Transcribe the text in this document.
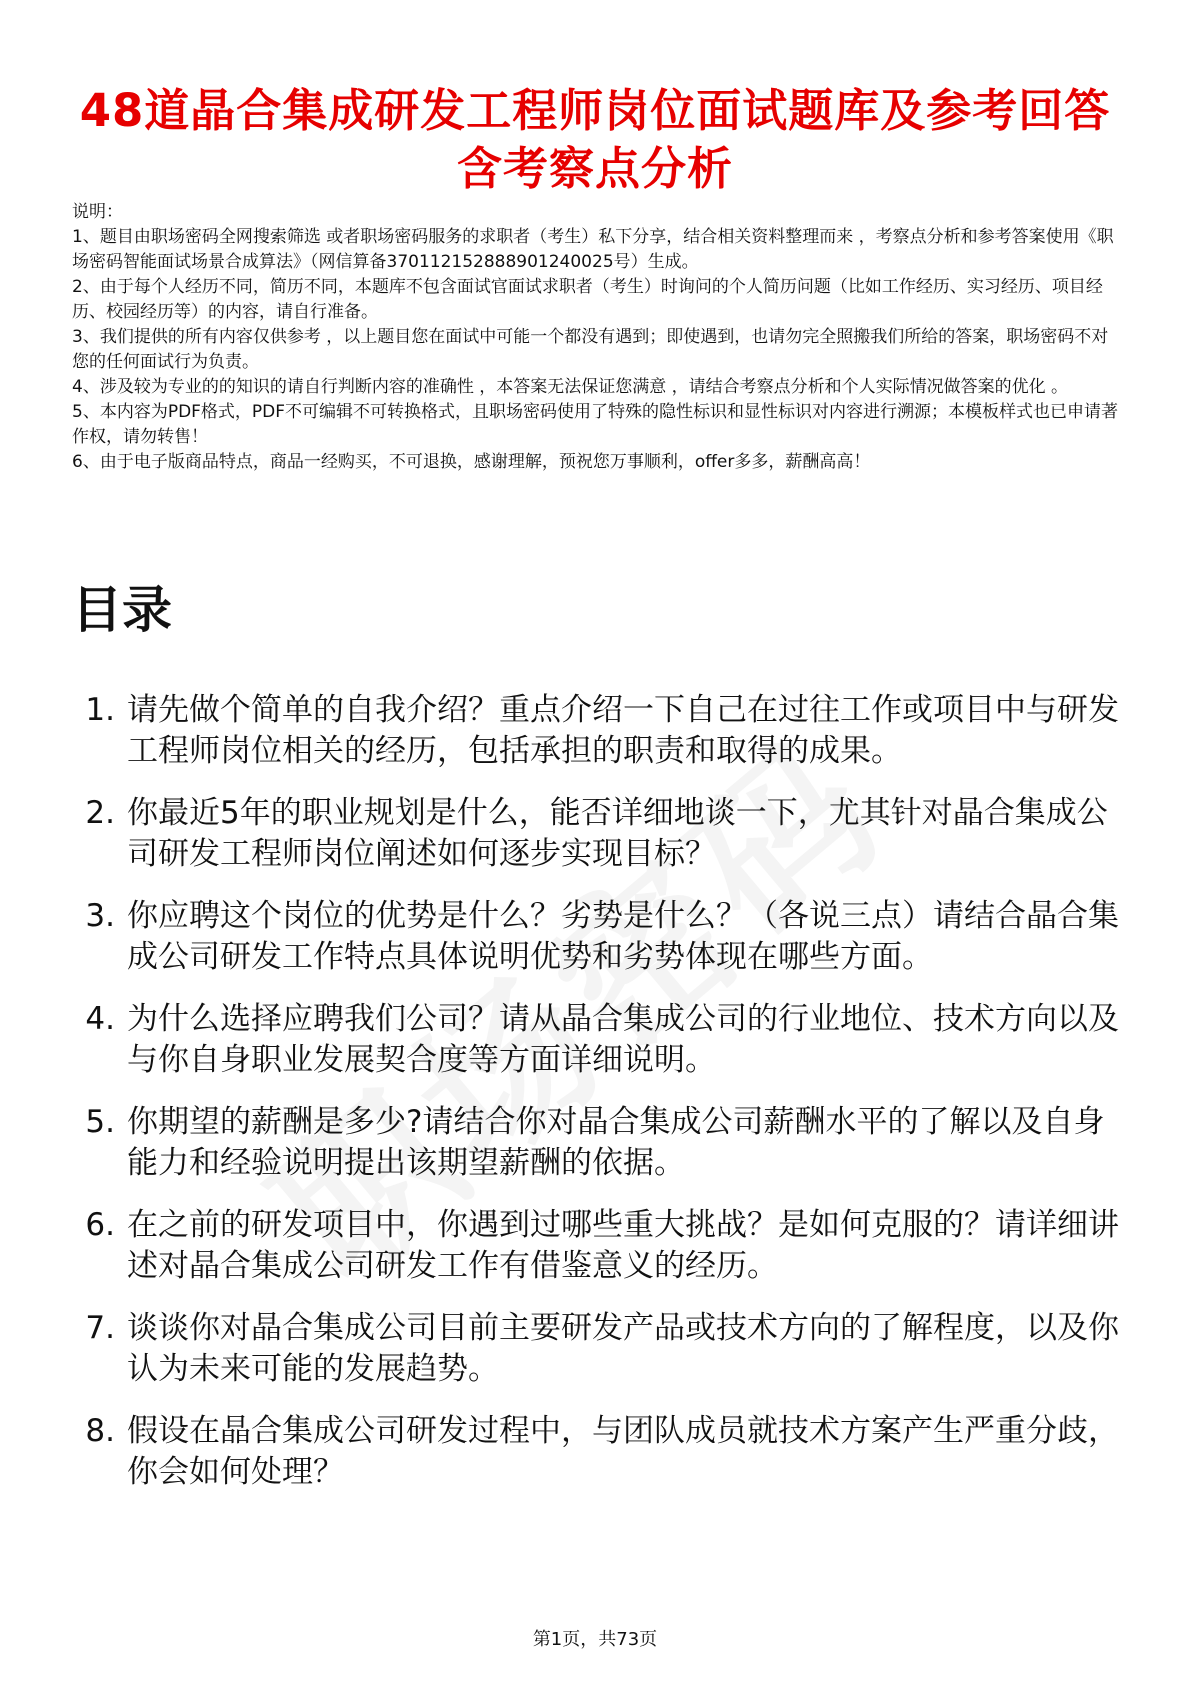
48道晶合集成研发工程师岗位面试题库及参考回答含考察点分析

说明：

1、题目由职场密码全网搜索筛选 或者职场密码服务的求职者（考生）私下分享，结合相关资料整理而来 ，考察点分析和参考答案使用《职场密码智能面试场景合成算法》（网信算备370112152888901240025号）生成。

2、由于每个人经历不同，简历不同，本题库不包含面试官面试求职者（考生）时询问的个人简历问题（比如工作经历、实习经历、项目经历、校园经历等）的内容，请自行准备。

3、我们提供的所有内容仅供参考 ，以上题目您在面试中可能一个都没有遇到；即使遇到，也请勿完全照搬我们所给的答案，职场密码不对您的任何面试行为负责。

4、涉及较为专业的的知识的请自行判断内容的准确性 ，本答案无法保证您满意 ，请结合考察点分析和个人实际情况做答案的优化 。

5、本内容为PDF格式，PDF不可编辑不可转换格式，且职场密码使用了特殊的隐性标识和显性标识对内容进行溯源；本模板样式也已申请著作权，请勿转售！

6、由于电子版商品特点，商品一经购买，不可退换，感谢理解，预祝您万事顺利，offer多多，薪酬高高！

目录
1. 请先做个简单的自我介绍？重点介绍一下自己在过往工作或项目中与研发工程师岗位相关的经历，包括承担的职责和取得的成果。
2. 你最近5年的职业规划是什么，能否详细地谈一下，尤其针对晶合集成公司研发工程师岗位阐述如何逐步实现目标？
3. 你应聘这个岗位的优势是什么？劣势是什么？（各说三点）请结合晶合集成公司研发工作特点具体说明优势和劣势体现在哪些方面。
4. 为什么选择应聘我们公司？请从晶合集成公司的行业地位、技术方向以及与你自身职业发展契合度等方面详细说明。
5. 你期望的薪酬是多少?请结合你对晶合集成公司薪酬水平的了解以及自身能力和经验说明提出该期望薪酬的依据。
6. 在之前的研发项目中，你遇到过哪些重大挑战？是如何克服的？请详细讲述对晶合集成公司研发工作有借鉴意义的经历。
7. 谈谈你对晶合集成公司目前主要研发产品或技术方向的了解程度，以及你认为未来可能的发展趋势。
8. 假设在晶合集成公司研发过程中，与团队成员就技术方案产生严重分歧，你会如何处理？
第1页，共73页
